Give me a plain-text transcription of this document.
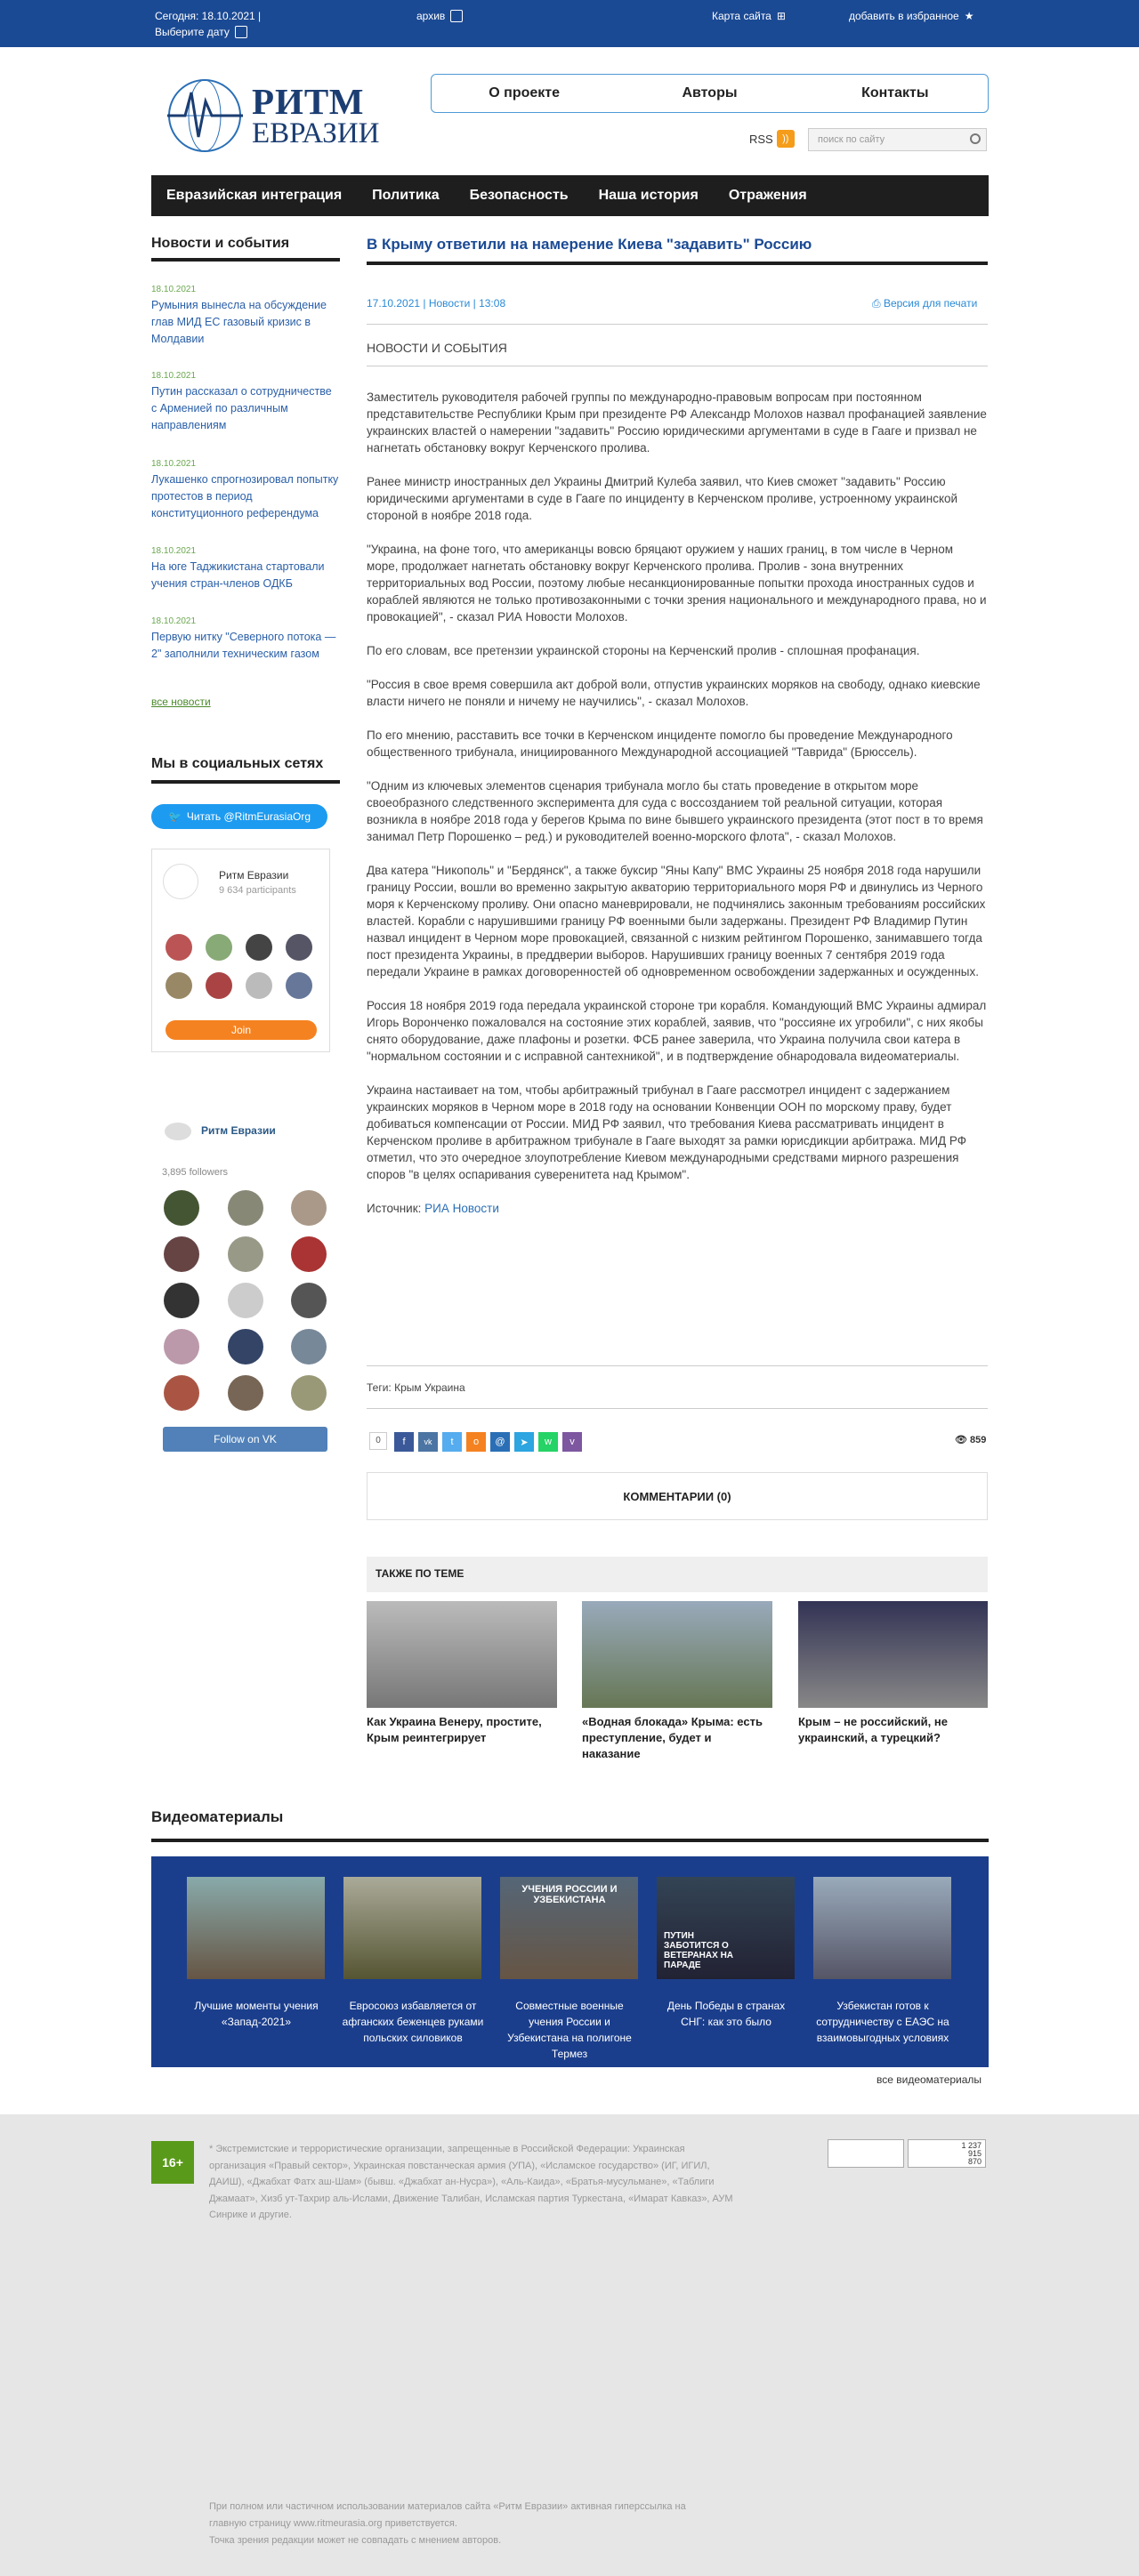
Сегодня: 18.10.2021 |
Выберите дату
архив	Карта сайта ⊞	добавить в избранное ★
РИТМ
ЕВРАЗИИ
О проекте	Авторы	Контакты
RSS ))	поиск по сайту
Евразийская интеграция	Политика	Безопасность	Наша история	Отражения
Новости и события
18.10.2021
Румыния вынесла на обсуждение глав МИД ЕС газовый кризис в Молдавии
18.10.2021
Путин рассказал о сотрудничестве с Арменией по различным направлениям
18.10.2021
Лукашенко спрогнозировал попытку протестов в период конституционного референдума
18.10.2021
На юге Таджикистана стартовали учения стран-членов ОДКБ
18.10.2021
Первую нитку "Северного потока — 2" заполнили техническим газом
все новости
Мы в социальных сетях
🐦 Читать @RitmEurasiaOrg
Ритм Евразии
9 634 participants
Join
Ритм Евразии
3,895 followers
Follow on VK
В Крыму ответили на намерение Киева "задавить" Россию
17.10.2021 | Новости | 13:08	⎙ Версия для печати
НОВОСТИ И СОБЫТИЯ

Заместитель руководителя рабочей группы по международно-правовым вопросам при постоянном представительстве Республики Крым при президенте РФ Александр Молохов назвал профанацией заявление украинских властей о намерении "задавить" Россию юридическими аргументами в суде в Гааге и призвал не нагнетать обстановку вокруг Керченского пролива.

Ранее министр иностранных дел Украины Дмитрий Кулеба заявил, что Киев сможет "задавить" Россию юридическими аргументами в суде в Гааге по инциденту в Керченском проливе, устроенному украинской стороной в ноябре 2018 года.

"Украина, на фоне того, что американцы вовсю бряцают оружием у наших границ, в том числе в Черном море, продолжает нагнетать обстановку вокруг Керченского пролива. Пролив - зона внутренних территориальных вод России, поэтому любые несанкционированные попытки прохода иностранных судов и кораблей являются не только противозаконными с точки зрения национального и международного права, но и провокацией", - сказал РИА Новости Молохов.

По его словам, все претензии украинской стороны на Керченский пролив - сплошная профанация.

"Россия в свое время совершила акт доброй воли, отпустив украинских моряков на свободу, однако киевские власти ничего не поняли и ничему не научились", - сказал Молохов.

По его мнению, расставить все точки в Керченском инциденте помогло бы проведение Международного общественного трибунала, инициированного Международной ассоциацией "Таврида" (Брюссель).

"Одним из ключевых элементов сценария трибунала могло бы стать проведение в открытом море своеобразного следственного эксперимента для суда с воссозданием той реальной ситуации, которая возникла в ноябре 2018 года у берегов Крыма по вине бывшего украинского президента (этот пост в то время занимал Петр Порошенко – ред.) и руководителей военно-морского флота", - сказал Молохов.

Два катера "Никополь" и "Бердянск", а также буксир "Яны Капу" ВМС Украины 25 ноября 2018 года нарушили границу России, вошли во временно закрытую акваторию территориального моря РФ и двинулись из Черного моря к Керченскому проливу. Они опасно маневрировали, не подчинялись законным требованиям российских властей. Корабли с нарушившими границу РФ военными были задержаны. Президент РФ Владимир Путин назвал инцидент в Черном море провокацией, связанной с низким рейтингом Порошенко, занимавшего тогда пост президента Украины, в преддверии выборов. Нарушивших границу военных 7 сентября 2019 года передали Украине в рамках договоренностей об одновременном освобождении задержанных и осужденных.

Россия 18 ноября 2019 года передала украинской стороне три корабля. Командующий ВМС Украины адмирал Игорь Воронченко пожаловался на состояние этих кораблей, заявив, что "россияне их угробили", с них якобы снято оборудование, даже плафоны и розетки. ФСБ ранее заверила, что Украина получила свои катера в "нормальном состоянии и с исправной сантехникой", и в подтверждение обнародовала видеоматериалы.

Украина настаивает на том, чтобы арбитражный трибунал в Гааге рассмотрел инцидент с задержанием украинских моряков в Черном море в 2018 году на основании Конвенции ООН по морскому праву, будет добиваться компенсации от России. МИД РФ заявил, что требования Киева рассматривать инцидент в Керченском проливе в арбитражном трибунале в Гааге выходят за рамки юрисдикции арбитража. МИД РФ отметил, что это очередное злоупотребление Киевом международными средствами мирного разрешения споров "в целях оспаривания суверенитета над Крымом".

Источник: РИА Новости

Теги: Крым Украина
0	f	vk	t	o	@	➤	w	v	👁 859
КОММЕНТАРИИ (0)
ТАКЖЕ ПО ТЕМЕ
Как Украина Венеру, простите, Крым реинтегрирует
«Водная блокада» Крыма: есть преступление, будет и наказание
Крым – не российский, не украинский, а турецкий?
Видеоматериалы
УЧЕНИЯ РОССИИ И УЗБЕКИСТАНА
ПУТИН ЗАБОТИТСЯ О ВЕТЕРАНАХ НА ПАРАДЕ
Лучшие моменты учения «Запад-2021»
Евросоюз избавляется от афганских беженцев руками польских силовиков
Совместные военные учения России и Узбекистана на полигоне Термез
День Победы в странах СНГ: как это было
Узбекистан готов к сотрудничеству с ЕАЭС на взаимовыгодных условиях
все видеоматериалы
16+
1 237
915
870

* Экстремистские и террористические организации, запрещенные в Российской Федерации: Украинская организация «Правый сектор», Украинская повстанческая армия (УПА), «Исламское государство» (ИГ, ИГИЛ, ДАИШ), «Джабхат Фатх аш-Шам» (бывш. «Джабхат ан-Нусра»), «Аль-Каида», «Братья-мусульмане», «Таблиги Джамаат», Хизб ут-Тахрир аль-Ислами, Движение Талибан, Исламская партия Туркестана, «Имарат Кавказ», АУМ Синрике и другие.

При полном или частичном использовании материалов сайта «Ритм Евразии» активная гиперссылка на главную страницу www.ritmeurasia.org приветствуется.

Точка зрения редакции может не совпадать с мнением авторов.
